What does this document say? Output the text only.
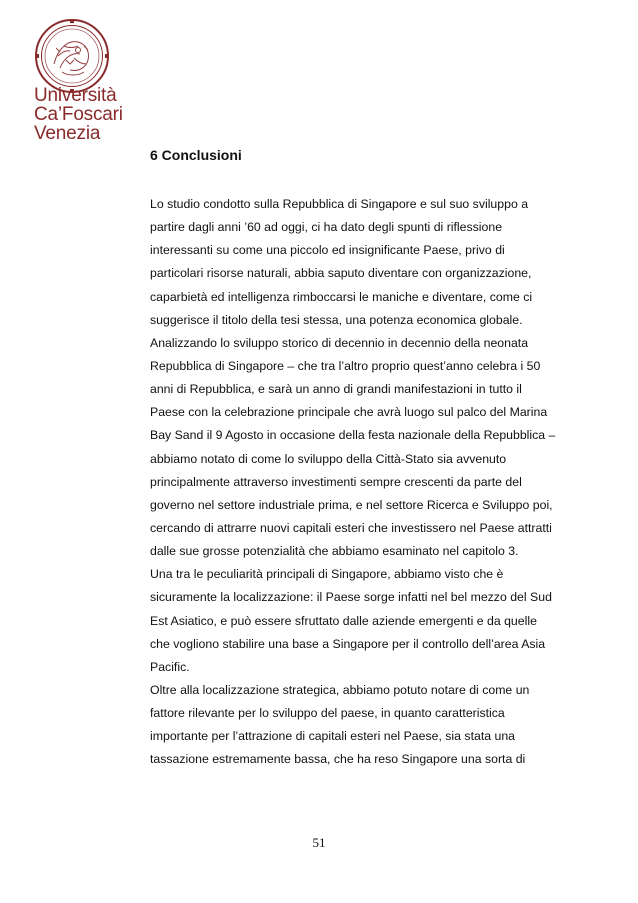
Università
Ca’Foscari
Venezia
6 Conclusioni
Lo studio condotto sulla Repubblica di Singapore e sul suo sviluppo a
partire dagli anni ’60 ad oggi, ci ha dato degli spunti di riflessione
interessanti su come una piccolo ed insignificante Paese, privo di
particolari risorse naturali, abbia saputo diventare con organizzazione,
caparbietà ed intelligenza rimboccarsi le maniche e diventare, come ci
suggerisce il titolo della tesi stessa, una potenza economica globale.
Analizzando lo sviluppo storico di decennio in decennio della neonata
Repubblica di Singapore – che tra l’altro proprio quest’anno celebra i 50
anni di Repubblica, e sarà un anno di grandi manifestazioni in tutto il
Paese con la celebrazione principale che avrà luogo sul palco del Marina
Bay Sand il 9 Agosto in occasione della festa nazionale della Repubblica –
abbiamo notato di come lo sviluppo della Città-Stato sia avvenuto
principalmente attraverso investimenti sempre crescenti da parte del
governo nel settore industriale prima, e nel settore Ricerca e Sviluppo poi,
cercando di attrarre nuovi capitali esteri che investissero nel Paese attratti
dalle sue grosse potenzialità che abbiamo esaminato nel capitolo 3.
Una tra le peculiarità principali di Singapore, abbiamo visto che è
sicuramente la localizzazione: il Paese sorge infatti nel bel mezzo del Sud
Est Asiatico, e può essere sfruttato dalle aziende emergenti e da quelle
che vogliono stabilire una base a Singapore per il controllo dell’area Asia
Pacific.
Oltre alla localizzazione strategica, abbiamo potuto notare di come un
fattore rilevante per lo sviluppo del paese, in quanto caratteristica
importante per l’attrazione di capitali esteri nel Paese, sia stata una
tassazione estremamente bassa, che ha reso Singapore una sorta di
51
